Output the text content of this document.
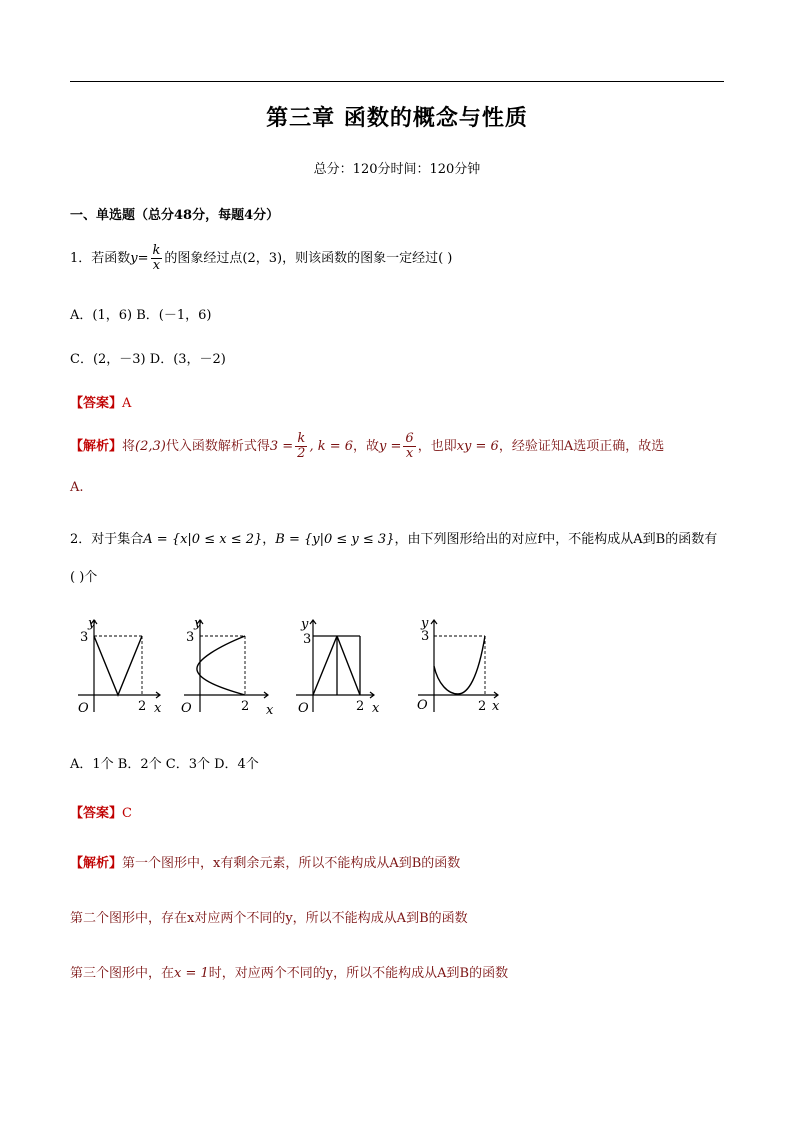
第三章 函数的概念与性质
总分：120分时间：120分钟
一、单选题（总分48分，每题4分）
1．若函数$y= \frac{k}{x}$ 的图象经过点(2，3)，则该函数的图象一定经过( )
A．(1，6) B．(－1，6)
C．(2，－3) D．(3，－2)
【答案】A
【解析】将(2,3)代入函数解析式得$3 = \frac{k}{2}$ , k = 6，故$y = \frac{6}{x}$ ，也即xy = 6，经验证知A选项正确，故选
A.
2．对于集合A = {x|0 ≤ x ≤ 2}，B = {y|0 ≤ y ≤ 3}，由下列图形给出的对应f中，不能构成从A到B的函数有
( )个
y
3
2
O	x
y
3
2
O	x
y
3
2
O	x
y
3
2
O	x
A．1个 B．2个 C．3个 D．4个
【答案】C
【解析】第一个图形中，x有剩余元素，所以不能构成从A到B的函数
第二个图形中，存在x对应两个不同的y，所以不能构成从A到B的函数
第三个图形中，在x = 1时，对应两个不同的y，所以不能构成从A到B的函数
